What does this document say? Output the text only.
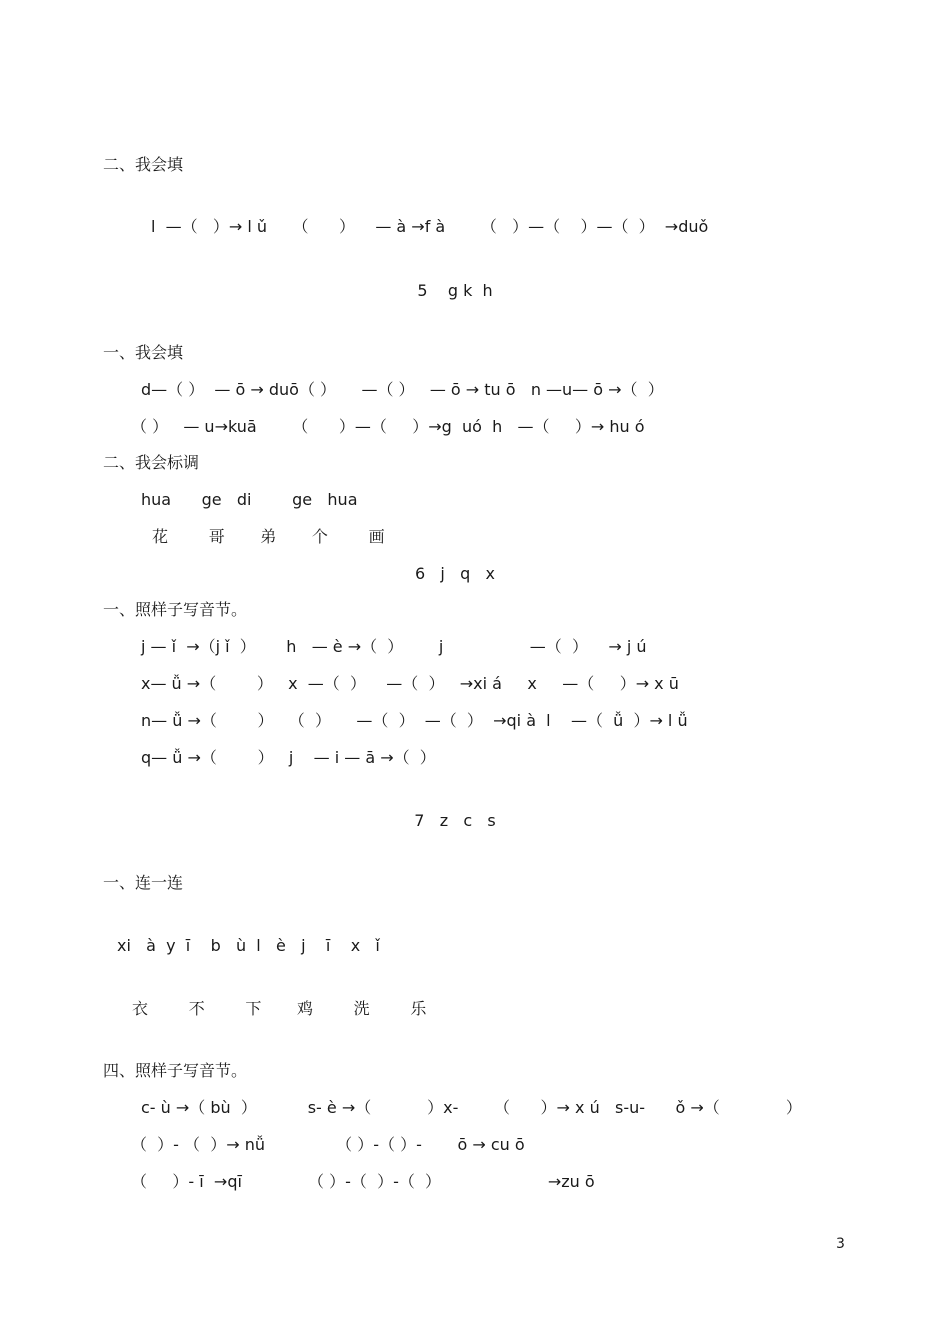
二、我会填
l  —（   ）→ l ǔ     （      ）    — à →f à       （   ）—（    ）—（  ）  →duǒ
5    g k  h
一、我会填
d—（ ）  — ō → duō（ ）     —（ ）   — ō → tu ō   n —u— ō →（  ）
（ ）   — u→kuā       （      ）—（     ）→g  uó  h   —（     ）→ hu ó
二、我会标调
hua      ge   di        ge   hua
花        哥       弟       个        画
6   j   q   x
一、照样子写音节。
j — ǐ  →（j ǐ  ）      h   — è →（  ）       j                 —（  ）    → j ú
x— ǚ →（        ）   x  —（  ）    —（  ）   →xi á     x     —（     ）→ x ū
n— ǚ →（        ）   （  ）     —（  ）  —（  ）  →qi à  l    —（  ǚ  ）→ l ǚ
q— ǚ →（        ）   j    — i — ā →（  ）
7   z   c   s
一、连一连
xi   à  y  ī    b   ù  l   è   j    ī    x   ǐ
衣        不        下       鸡        洗        乐
四、照样子写音节。
c- ù →（ bù  ）          s- è →（           ）x-       （      ）→ x ú   s-u-      ǒ →（             ）
（  ）- （  ）→ nǚ              （ ）-（ ）-       ō → cu ō
（     ）- ī  →qī             （ ）-（  ）-（  ）                     →zu ō
3
